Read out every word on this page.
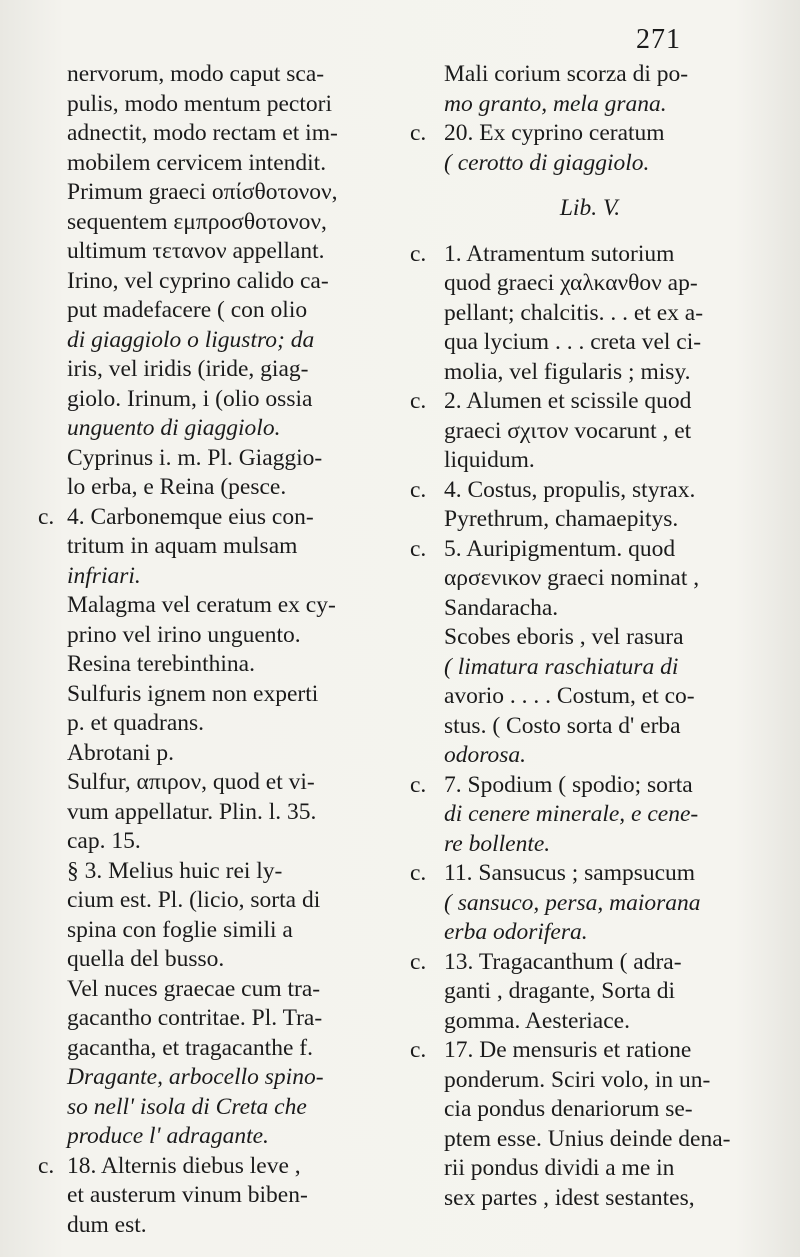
271
nervorum, modo caput sca-
pulis, modo mentum pectori
adnectit, modo rectam et im-
mobilem cervicem intendit.
Primum graeci οπίσθοτονον,
sequentem εμπροσθοτονον,
ultimum τετανον appellant.
Irino, vel cyprino calido ca-
put madefacere ( con olio
di giaggiolo o ligustro; da
iris, vel iridis (iride, giag-
giolo. Irinum, i (olio ossia
unguento di giaggiolo.
Cyprinus i. m. Pl. Giaggio-
lo erba, e Reina (pesce.
c. 4. Carbonemque eius con-
tritum in aquam mulsam
infriari.
Malagma vel ceratum ex cy-
prino vel irino unguento.
Resina terebinthina.
Sulfuris ignem non experti
p. et quadrans.
Abrotani p.
Sulfur, απιρον, quod et vi-
vum appellatur. Plin. l. 35.
cap. 15.
§ 3. Melius huic rei ly-
cium est. Pl. (licio, sorta di
spina con foglie simili a
quella del busso.
Vel nuces graecae cum tra-
gacantho contritae. Pl. Tra-
gacantha, et tragacanthe f.
Dragante, arbocello spino-
so nell' isola di Creta che
produce l' adragante.
c. 18. Alternis diebus leve ,
et austerum vinum biben-
dum est.
Mali corium scorza di po-
mo granto, mela grana.
c. 20. Ex cyprino ceratum
( cerotto di giaggiolo.
Lib. V.
c. 1. Atramentum sutorium
quod graeci χαλκανθον ap-
pellant; chalcitis. . . et ex a-
qua lycium . . . creta vel ci-
molia, vel figularis ; misy.
c. 2. Alumen et scissile quod
graeci σχιτον vocarunt , et
liquidum.
c. 4. Costus, propulis, styrax.
Pyrethrum, chamaepitys.
c. 5. Auripigmentum. quod
αρσενικον graeci nominat ,
Sandaracha.
Scobes eboris , vel rasura
( limatura raschiatura di
avorio . . . . Costum, et co-
stus. ( Costo sorta d' erba
odorosa.
c. 7. Spodium ( spodio; sorta
di cenere minerale, e cene-
re bollente.
c. 11. Sansucus ; sampsucum
( sansuco, persa, maiorana
erba odorifera.
c. 13. Tragacanthum ( adra-
ganti , dragante, Sorta di
gomma. Aesteriace.
c. 17. De mensuris et ratione
ponderum. Sciri volo, in un-
cia pondus denariorum se-
ptem esse. Unius deinde dena-
rii pondus dividi a me in
sex partes , idest sestantes,
